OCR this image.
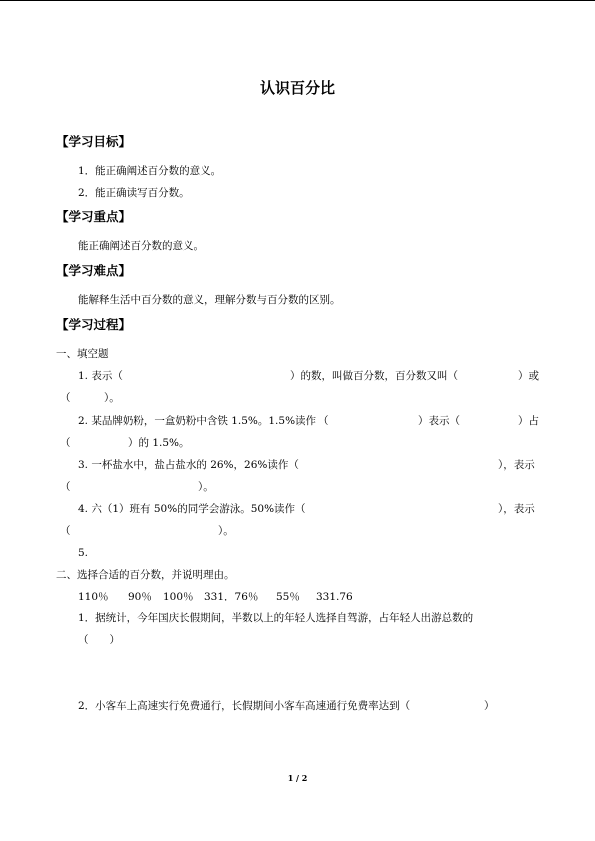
认识百分比
【学习目标】
1．能正确阐述百分数的意义。
2．能正确读写百分数。
【学习重点】
能正确阐述百分数的意义。
【学习难点】
能解释生活中百分数的意义，理解分数与百分数的区别。
【学习过程】
一、填空题
1. 表示（	）的数，叫做百分数，百分数又叫（	）或
（	）。
2. 某品牌奶粉，一盒奶粉中含铁 1.5%。1.5%读作 （	）表示（	）占
（	）的 1.5%。
3. 一杯盐水中，盐占盐水的 26%，26%读作（	），表示
（	）。
4. 六（1）班有 50%的同学会游泳。50%读作（	），表示
（	）。
5.
二、选择合适的百分数，并说明理由。
110％ 90％ 100％ 331．76％ 55％ 331.76
1．据统计，今年国庆长假期间，半数以上的年轻人选择自驾游，占年轻人出游总数的
（　　）
2．小客车上高速实行免费通行，长假期间小客车高速通行免费率达到（	）
1 / 2
